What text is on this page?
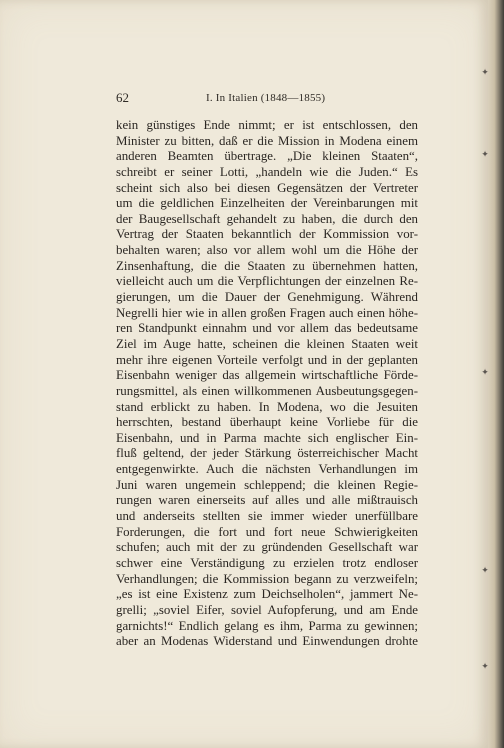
62	I. In Italien (1848—1855)
kein günstiges Ende nimmt; er ist entschlossen, den
Minister zu bitten, daß er die Mission in Modena einem
anderen Beamten übertrage. „Die kleinen Staaten“,
schreibt er seiner Lotti, „handeln wie die Juden.“ Es
scheint sich also bei diesen Gegensätzen der Vertreter
um die geldlichen Einzelheiten der Vereinbarungen mit
der Baugesellschaft gehandelt zu haben, die durch den
Vertrag der Staaten bekanntlich der Kommission vor-
behalten waren; also vor allem wohl um die Höhe der
Zinsenhaftung, die die Staaten zu übernehmen hatten,
vielleicht auch um die Verpflichtungen der einzelnen Re-
gierungen, um die Dauer der Genehmigung. Während
Negrelli hier wie in allen großen Fragen auch einen höhe-
ren Standpunkt einnahm und vor allem das bedeutsame
Ziel im Auge hatte, scheinen die kleinen Staaten weit
mehr ihre eigenen Vorteile verfolgt und in der geplanten
Eisenbahn weniger das allgemein wirtschaftliche Förde-
rungsmittel, als einen willkommenen Ausbeutungsgegen-
stand erblickt zu haben. In Modena, wo die Jesuiten
herrschten, bestand überhaupt keine Vorliebe für die
Eisenbahn, und in Parma machte sich englischer Ein-
fluß geltend, der jeder Stärkung österreichischer Macht
entgegenwirkte. Auch die nächsten Verhandlungen im
Juni waren ungemein schleppend; die kleinen Regie-
rungen waren einerseits auf alles und alle mißtrauisch
und anderseits stellten sie immer wieder unerfüllbare
Forderungen, die fort und fort neue Schwierigkeiten
schufen; auch mit der zu gründenden Gesellschaft war
schwer eine Verständigung zu erzielen trotz endloser
Verhandlungen; die Kommission begann zu verzweifeln;
„es ist eine Existenz zum Deichselholen“, jammert Ne-
grelli; „soviel Eifer, soviel Aufopferung, und am Ende
garnichts!“ Endlich gelang es ihm, Parma zu gewinnen;
aber an Modenas Widerstand und Einwendungen drohte
✦
✦
✦
✦
✦
